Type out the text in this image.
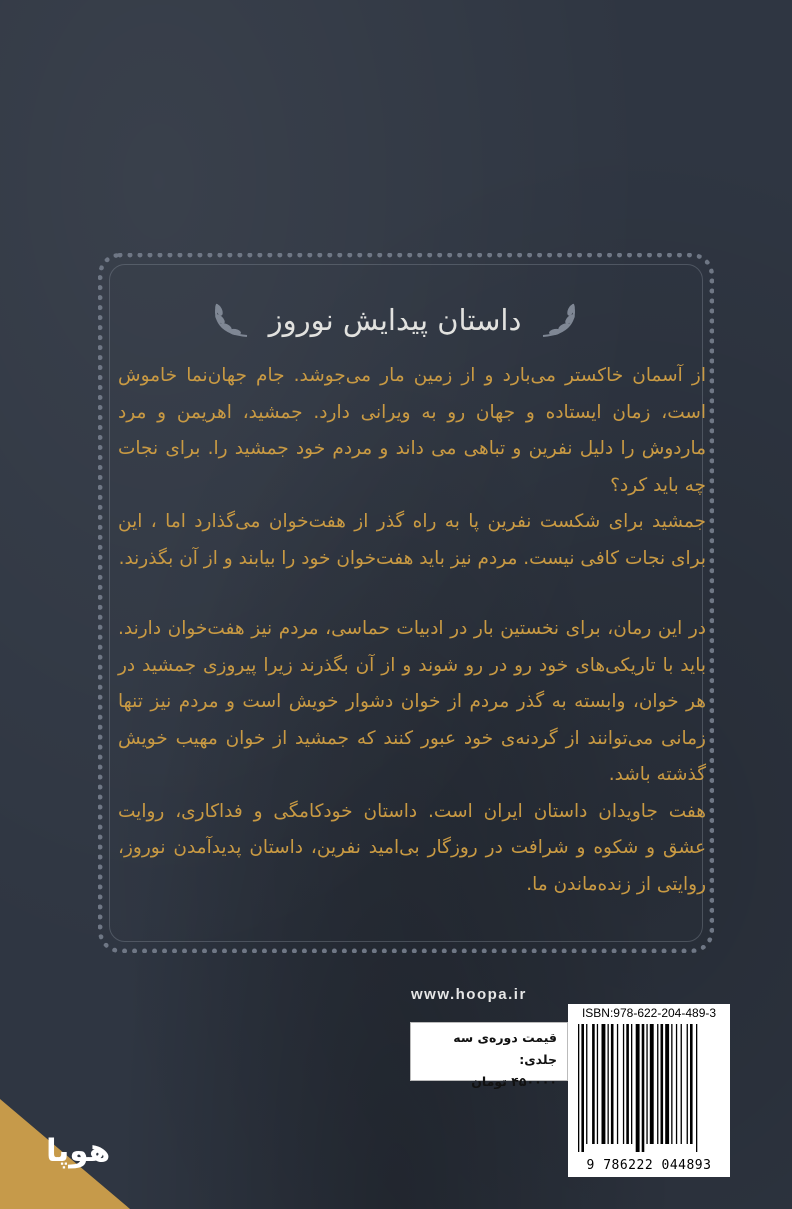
داستان پیدایش نوروز

از آسمان خاکستر می‌بارد و از زمین مار می‌جوشد. جام جهان‌نما خاموش است، زمان ایستاده و جهان رو به ویرانی دارد. جمشید، اهریمن و مرد ماردوش را دلیل نفرین و تباهی می داند و مردم خود جمشید را. برای نجات چه باید کرد؟

جمشید برای شکست نفرین پا به راه گذر از هفت‌خوان می‌گذارد اما ، این برای نجات کافی نیست. مردم نیز باید هفت‌خوان خود را بیابند و از آن بگذرند.

در این رمان، برای نخستین بار در ادبیات حماسی، مردم نیز هفت‌خوان دارند. باید با تاریکی‌های خود رو در رو شوند و از آن بگذرند زیرا پیروزی جمشید در هر خوان، وابسته به گذر مردم از خوان دشوار خویش است و مردم نیز تنها زمانی می‌توانند از گردنه‌ی خود عبور کنند که جمشید از خوان مهیب خویش گذشته باشد.

هفت جاویدان داستان ایران است. داستان خودکامگی و فداکاری، روایت عشق و شکوه و شرافت در روزگار بی‌امید نفرین، داستان پدیدآمدن نوروز، روایتی از زنده‌ماندن ما.

www.hoopa.ir
قیمت دوره‌ی سه جلدی:
۴۵۰۰۰۰ تومان
ISBN:978-622-204-489-3
9 786222 044893
هوپا
